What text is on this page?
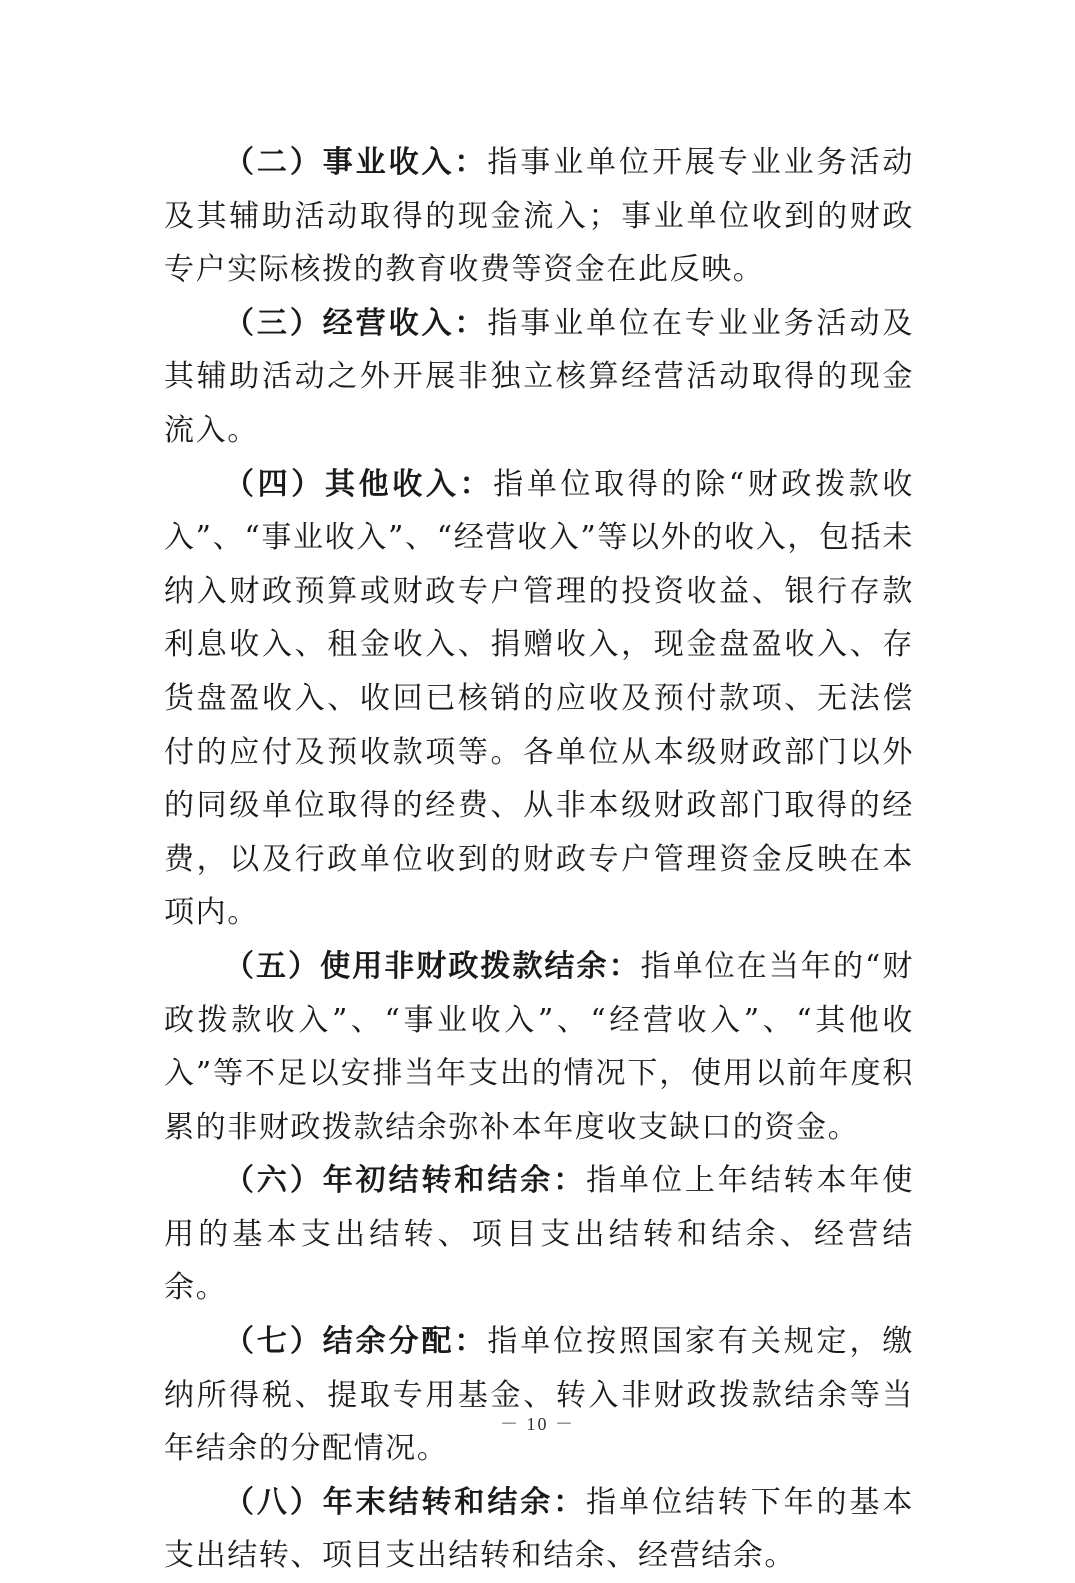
（二）事业收入：指事业单位开展专业业务活动及其辅助活动取得的现金流入；事业单位收到的财政专户实际核拨的教育收费等资金在此反映。

（三）经营收入：指事业单位在专业业务活动及其辅助活动之外开展非独立核算经营活动取得的现金流入。

（四）其他收入：指单位取得的除“财政拨款收入”、“事业收入”、“经营收入”等以外的收入，包括未纳入财政预算或财政专户管理的投资收益、银行存款利息收入、租金收入、捐赠收入，现金盘盈收入、存货盘盈收入、收回已核销的应收及预付款项、无法偿付的应付及预收款项等。各单位从本级财政部门以外的同级单位取得的经费、从非本级财政部门取得的经费，以及行政单位收到的财政专户管理资金反映在本项内。

（五）使用非财政拨款结余：指单位在当年的“财政拨款收入”、“事业收入”、“经营收入”、“其他收入”等不足以安排当年支出的情况下，使用以前年度积累的非财政拨款结余弥补本年度收支缺口的资金。

（六）年初结转和结余：指单位上年结转本年使用的基本支出结转、项目支出结转和结余、经营结余。

（七）结余分配：指单位按照国家有关规定，缴纳所得税、提取专用基金、转入非财政拨款结余等当年结余的分配情况。

（八）年末结转和结余：指单位结转下年的基本支出结转、项目支出结转和结余、经营结余。

－ 10 －
